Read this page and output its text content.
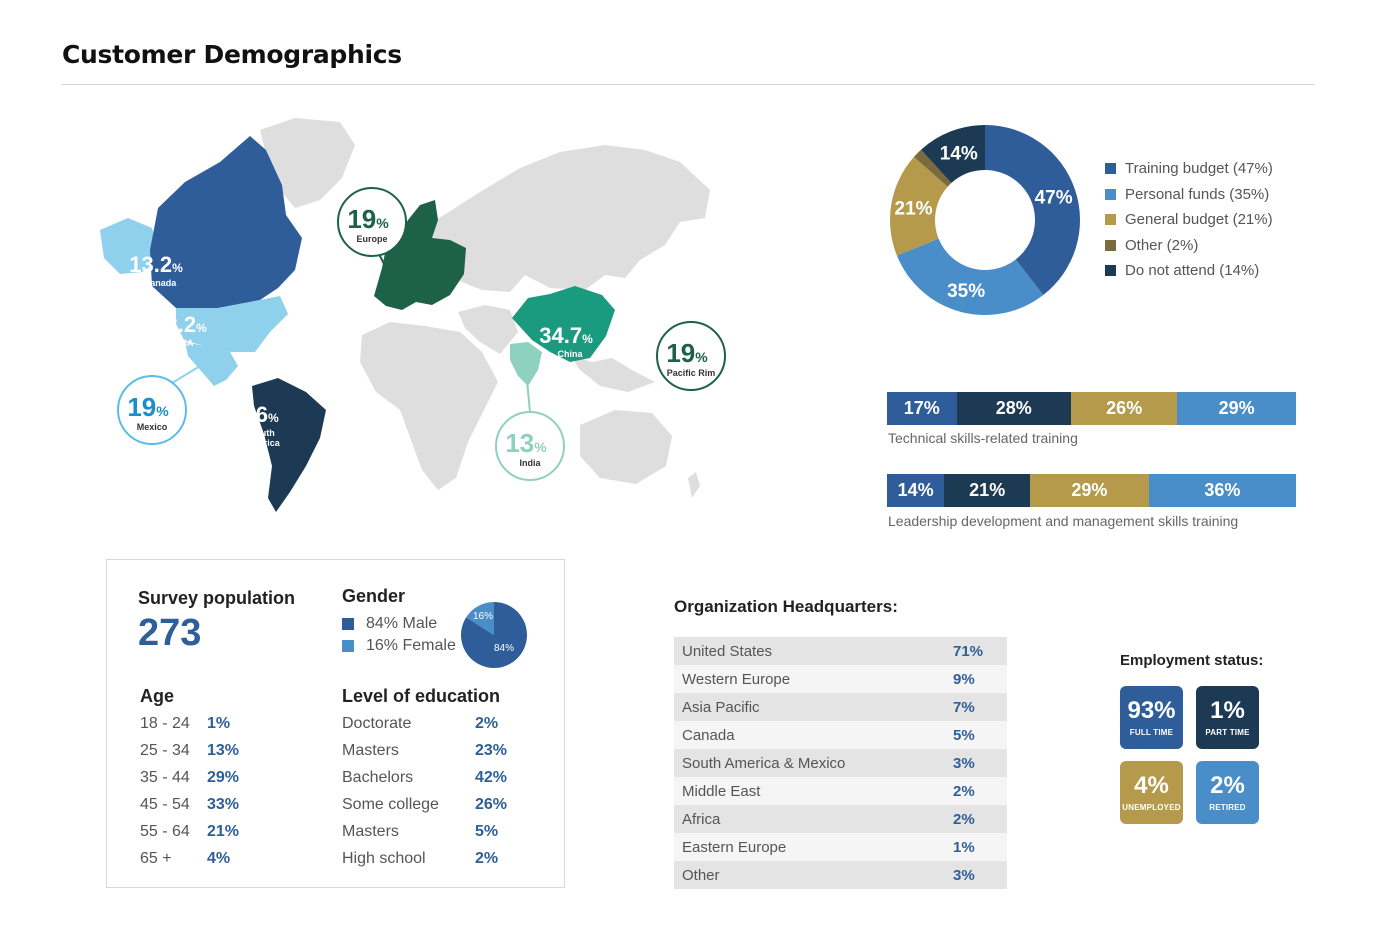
Customer Demographics
13.2%
Canada
72.2%
USA
19%
Mexico	7.6%
South America
19%
Europe
34.7%
China
13%
India
19%
Pacific Rim
47%
35%
21%
14%
Training budget (47%)
Personal funds (35%)
General budget (21%)
Other (2%)
Do not attend (14%)
17%	28%	26%	29%
Technical skills-related training
14%	21%	29%	36%
Leadership development and management skills training
Survey population
273
Gender
84%
Male
16%
Female
16%
84%
Age
18 - 24 1%
25 - 34 13%
35 - 44 29%
45 - 54 33%
55 - 64 21%
65 + 4%
Level of education
Doctorate	2%
Masters	23%
Bachelors	42%
Some college 26%
Masters	5%
High school	2%
Organization Headquarters:
United States	71%
Western Europe	9%
Asia Pacific	7%
Canada	5%
South America & Mexico	3%
Middle East	2%
Africa	2%
Eastern Europe	1%
Other	3%
Employment status:
93%
FULL TIME
1%
PART TIME
4%
UNEMPLOYED
2%
RETIRED
